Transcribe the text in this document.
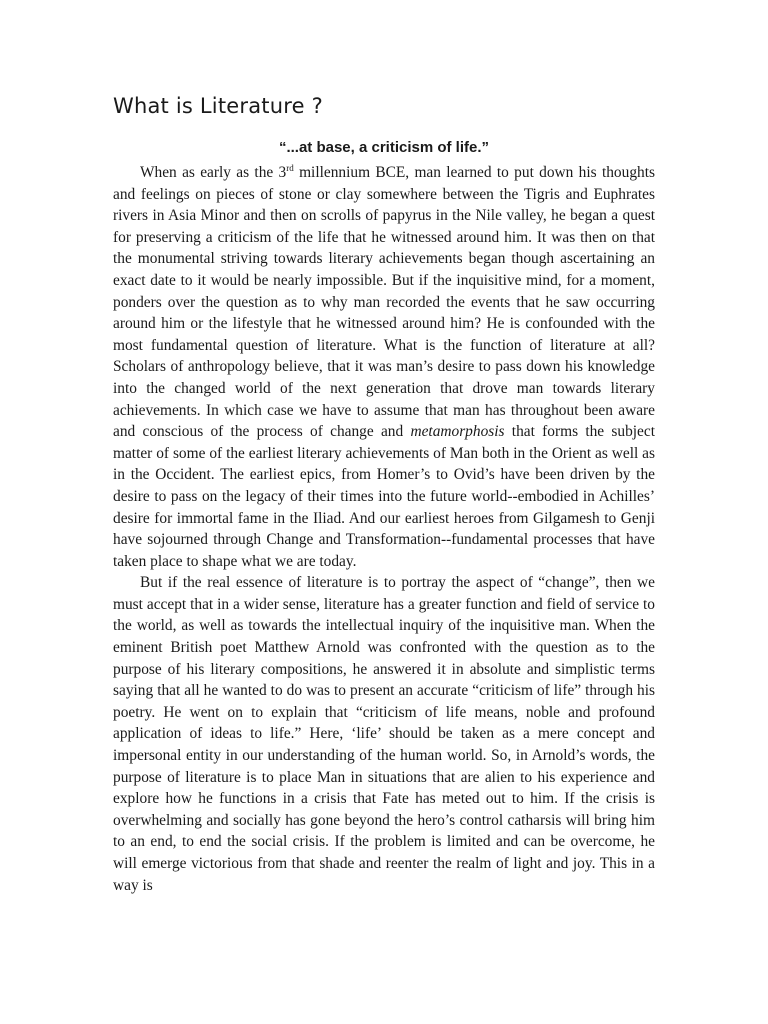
What is Literature ?

“...at base, a criticism of life.”

When as early as the 3rd millennium BCE, man learned to put down his thoughts and feelings on pieces of stone or clay somewhere between the Tigris and Euphrates rivers in Asia Minor and then on scrolls of papyrus in the Nile valley, he began a quest for preserving a criticism of the life that he witnessed around him. It was then on that the monumental striving towards literary achievements began though ascertaining an exact date to it would be nearly impossible. But if the inquisitive mind, for a moment, ponders over the question as to why man recorded the events that he saw occurring around him or the lifestyle that he witnessed around him? He is confounded with the most fundamental question of literature. What is the function of literature at all? Scholars of anthropology believe, that it was man’s desire to pass down his knowledge into the changed world of the next generation that drove man towards literary achievements. In which case we have to assume that man has throughout been aware and conscious of the process of change and metamorphosis that forms the subject matter of some of the earliest literary achievements of Man both in the Orient as well as in the Occident. The earliest epics, from Homer’s to Ovid’s have been driven by the desire to pass on the legacy of their times into the future world--embodied in Achilles’ desire for immortal fame in the Iliad. And our earliest heroes from Gilgamesh to Genji have sojourned through Change and Transformation--fundamental processes that have taken place to shape what we are today.

But if the real essence of literature is to portray the aspect of “change”, then we must accept that in a wider sense, literature has a greater function and field of service to the world, as well as towards the intellectual inquiry of the inquisitive man. When the eminent British poet Matthew Arnold was confronted with the question as to the purpose of his literary compositions, he answered it in absolute and simplistic terms saying that all he wanted to do was to present an accurate “criticism of life” through his poetry. He went on to explain that “criticism of life means, noble and profound application of ideas to life.” Here, ‘life’ should be taken as a mere concept and impersonal entity in our understanding of the human world. So, in Arnold’s words, the purpose of literature is to place Man in situations that are alien to his experience and explore how he functions in a crisis that Fate has meted out to him. If the crisis is overwhelming and socially has gone beyond the hero’s control catharsis will bring him to an end, to end the social crisis. If the problem is limited and can be overcome, he will emerge victorious from that shade and reenter the realm of light and joy. This in a way is
